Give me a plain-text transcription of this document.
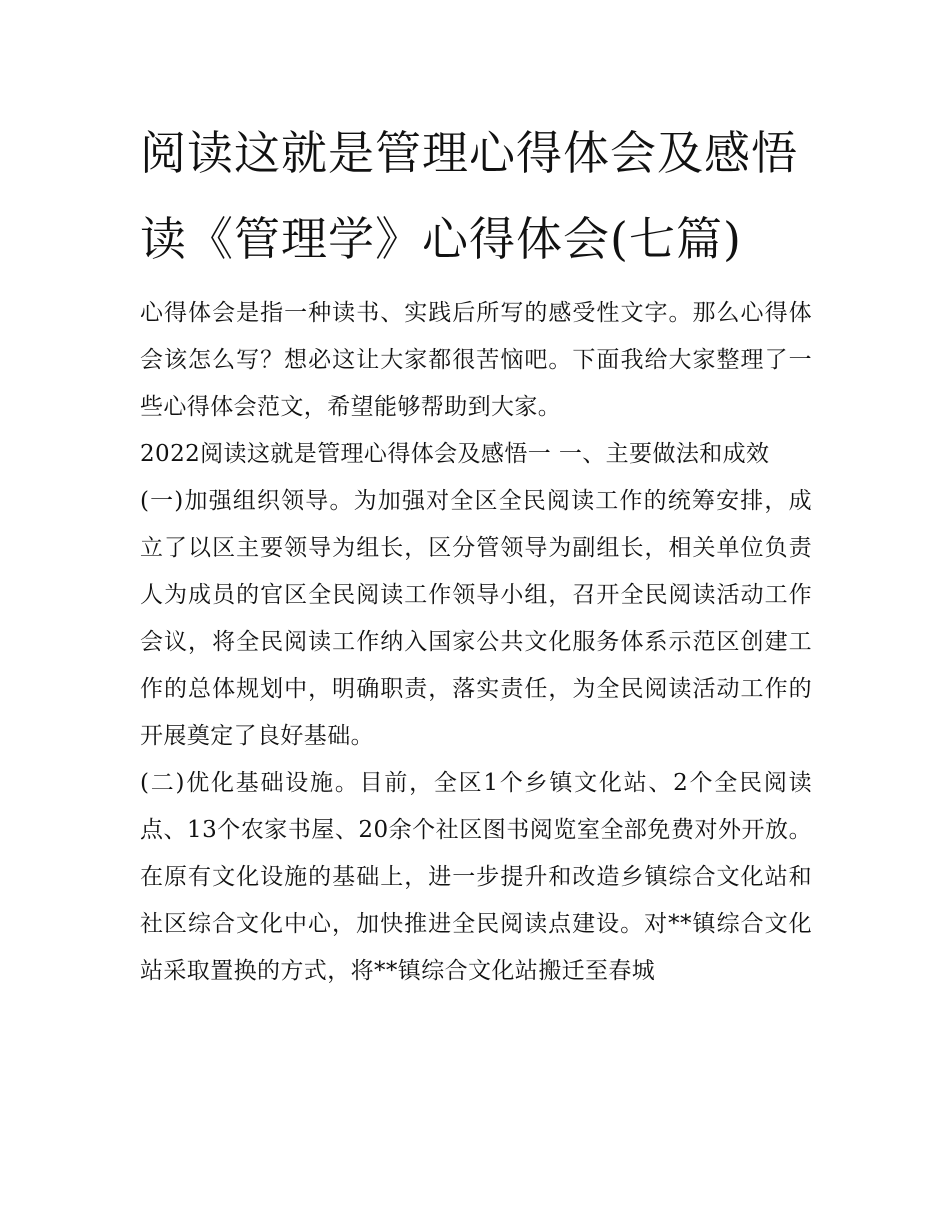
阅读这就是管理心得体会及感悟 读《管理学》心得体会(七篇)

心得体会是指一种读书、实践后所写的感受性文字。那么心得体会该怎么写？想必这让大家都很苦恼吧。下面我给大家整理了一些心得体会范文，希望能够帮助到大家。

2022阅读这就是管理心得体会及感悟一 一、主要做法和成效

(一)加强组织领导。为加强对全区全民阅读工作的统筹安排，成立了以区主要领导为组长，区分管领导为副组长，相关单位负责人为成员的官区全民阅读工作领导小组，召开全民阅读活动工作会议，将全民阅读工作纳入国家公共文化服务体系示范区创建工作的总体规划中，明确职责，落实责任，为全民阅读活动工作的开展奠定了良好基础。

(二)优化基础设施。目前，全区1个乡镇文化站、2个全民阅读点、13个农家书屋、20余个社区图书阅览室全部免费对外开放。在原有文化设施的基础上，进一步提升和改造乡镇综合文化站和社区综合文化中心，加快推进全民阅读点建设。对**镇综合文化站采取置换的方式，将**镇综合文化站搬迁至春城
